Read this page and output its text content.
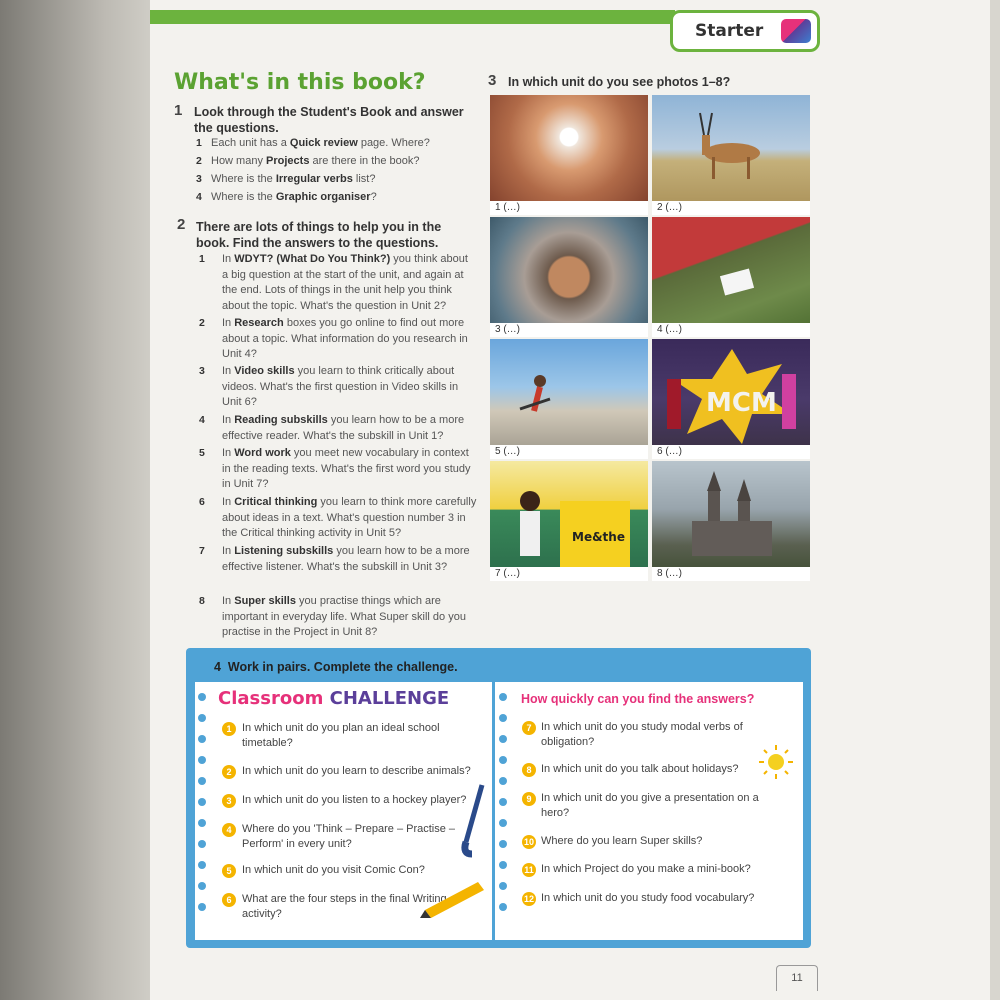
Starter
What's in this book?
1 Look through the Student's Book and answer the questions.
1 Each unit has a Quick review page. Where?
2 How many Projects are there in the book?
3 Where is the Irregular verbs list?
4 Where is the Graphic organiser?
2 There are lots of things to help you in the book. Find the answers to the questions.
1 In WDYT? (What Do You Think?) you think about a big question at the start of the unit, and again at the end. Lots of things in the unit help you think about the topic. What's the question in Unit 2?
2 In Research boxes you go online to find out more about a topic. What information do you research in Unit 4?
3 In Video skills you learn to think critically about videos. What's the first question in Video skills in Unit 6?
4 In Reading subskills you learn how to be a more effective reader. What's the subskill in Unit 1?
5 In Word work you meet new vocabulary in context in the reading texts. What's the first word you study in Unit 7?
6 In Critical thinking you learn to think more carefully about ideas in a text. What's question number 3 in the Critical thinking activity in Unit 5?
7 In Listening subskills you learn how to be a more effective listener. What's the subskill in Unit 3?
8 In Super skills you practise things which are important in everyday life. What Super skill do you practise in the Project in Unit 8?
3 In which unit do you see photos 1–8?
1 (…)	2 (…)
3 (…)	4 (…)
5 (…)
MCM
6 (…)
Me&the
7 (…)	8 (…)
4 Work in pairs. Complete the challenge.
Classroom CHALLENGE	How quickly can you find the answers?
1 In which unit do you plan an ideal school timetable?
2 In which unit do you learn to describe animals?
3 In which unit do you listen to a hockey player?
4 Where do you 'Think – Prepare – Practise – Perform' in every unit?
5 In which unit do you visit Comic Con?
6 What are the four steps in the final Writing activity?
7 In which unit do you study modal verbs of obligation?
8 In which unit do you talk about holidays?
9 In which unit do you give a presentation on a hero?
10 Where do you learn Super skills?
11 In which Project do you make a mini-book?
12 In which unit do you study food vocabulary?
11
